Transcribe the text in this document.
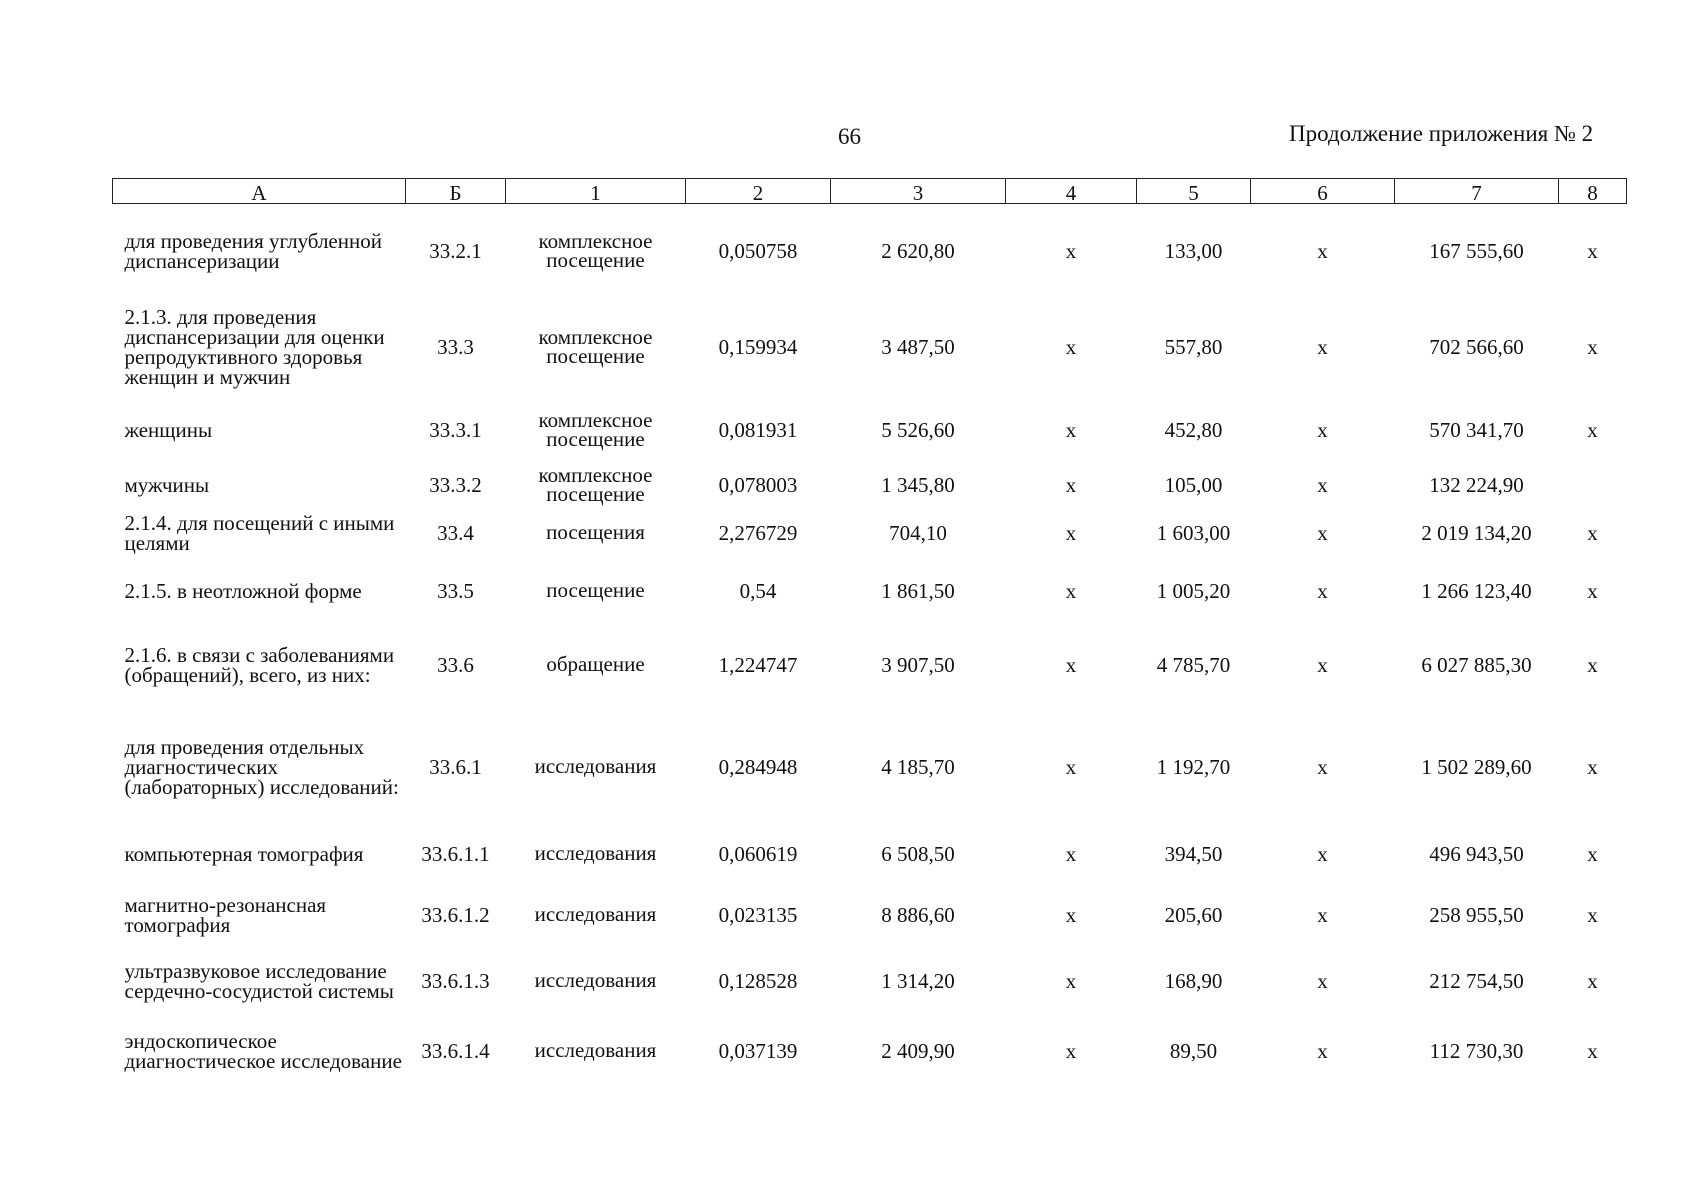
66	Продолжение приложения № 2
А	Б	1	2	3	4	5	6	7	8
для проведения углубленной диспансеризации	33.2.1	комплексное посещение	0,050758	2 620,80	х	133,00	х	167 555,60	х
2.1.3. для проведения диспансеризации для оценки репродуктивного здоровья женщин и мужчин	33.3	комплексное посещение	0,159934	3 487,50	х	557,80	х	702 566,60	х
женщины	33.3.1	комплексное посещение	0,081931	5 526,60	х	452,80	х	570 341,70	х
мужчины	33.3.2	комплексное посещение	0,078003	1 345,80	х	105,00	х	132 224,90	
2.1.4. для посещений с иными целями	33.4	посещения	2,276729	704,10	х	1 603,00	х	2 019 134,20	х
2.1.5. в неотложной форме	33.5	посещение	0,54	1 861,50	х	1 005,20	х	1 266 123,40	х
2.1.6. в связи с заболеваниями (обращений), всего, из них:	33.6	обращение	1,224747	3 907,50	х	4 785,70	х	6 027 885,30	х
для проведения отдельных диагностических (лабораторных) исследований:	33.6.1	исследования	0,284948	4 185,70	х	1 192,70	х	1 502 289,60	х
компьютерная томография	33.6.1.1	исследования	0,060619	6 508,50	х	394,50	х	496 943,50	х
магнитно-резонансная томография	33.6.1.2	исследования	0,023135	8 886,60	х	205,60	х	258 955,50	х
ультразвуковое исследование сердечно-сосудистой системы	33.6.1.3	исследования	0,128528	1 314,20	х	168,90	х	212 754,50	х
эндоскопическое диагностическое исследование	33.6.1.4	исследования	0,037139	2 409,90	х	89,50	х	112 730,30	х
